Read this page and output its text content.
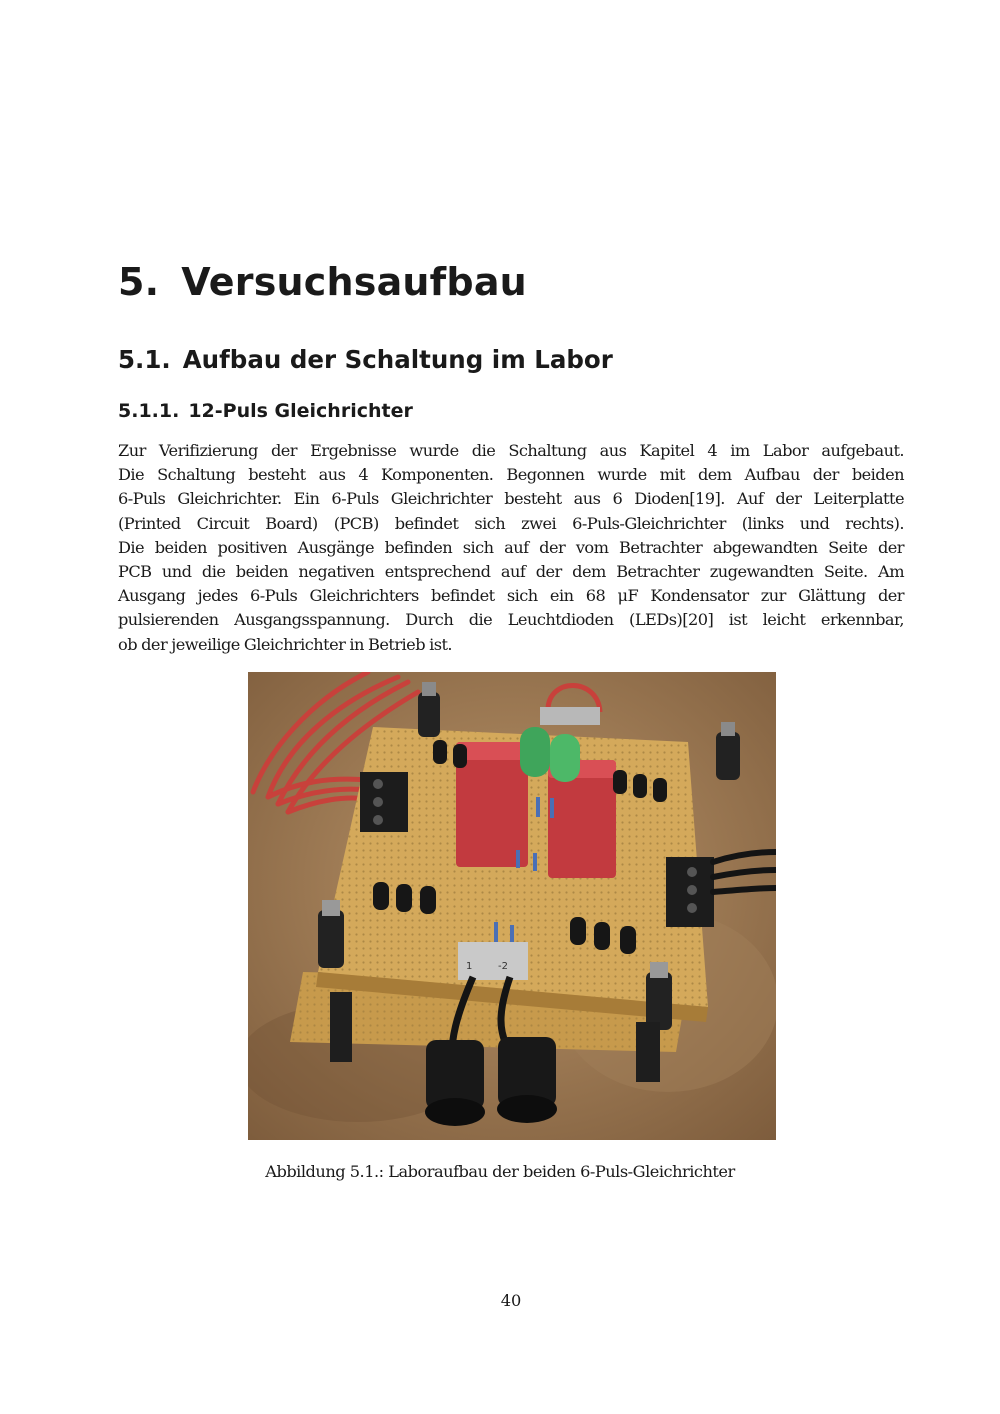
5. Versuchsaufbau
5.1. Aufbau der Schaltung im Labor
5.1.1. 12-Puls Gleichrichter

Zur Verifizierung der Ergebnisse wurde die Schaltung aus Kapitel 4 im Labor aufgebaut.
Die Schaltung besteht aus 4 Komponenten. Begonnen wurde mit dem Aufbau der beiden
6-Puls Gleichrichter. Ein 6-Puls Gleichrichter besteht aus 6 Dioden[19]. Auf der Leiterplatte
(Printed Circuit Board) (PCB) befindet sich zwei 6-Puls-Gleichrichter (links und rechts).
Die beiden positiven Ausgänge befinden sich auf der vom Betrachter abgewandten Seite der
PCB und die beiden negativen entsprechend auf der dem Betrachter zugewandten Seite. Am
Ausgang jedes 6-Puls Gleichrichters befindet sich ein 68 μF Kondensator zur Glättung der
pulsierenden Ausgangsspannung. Durch die Leuchtdioden (LEDs)[20] ist leicht erkennbar,
ob der jeweilige Gleichrichter in Betrieb ist.

1	-2

Abbildung 5.1.: Laboraufbau der beiden 6-Puls-Gleichrichter

40
